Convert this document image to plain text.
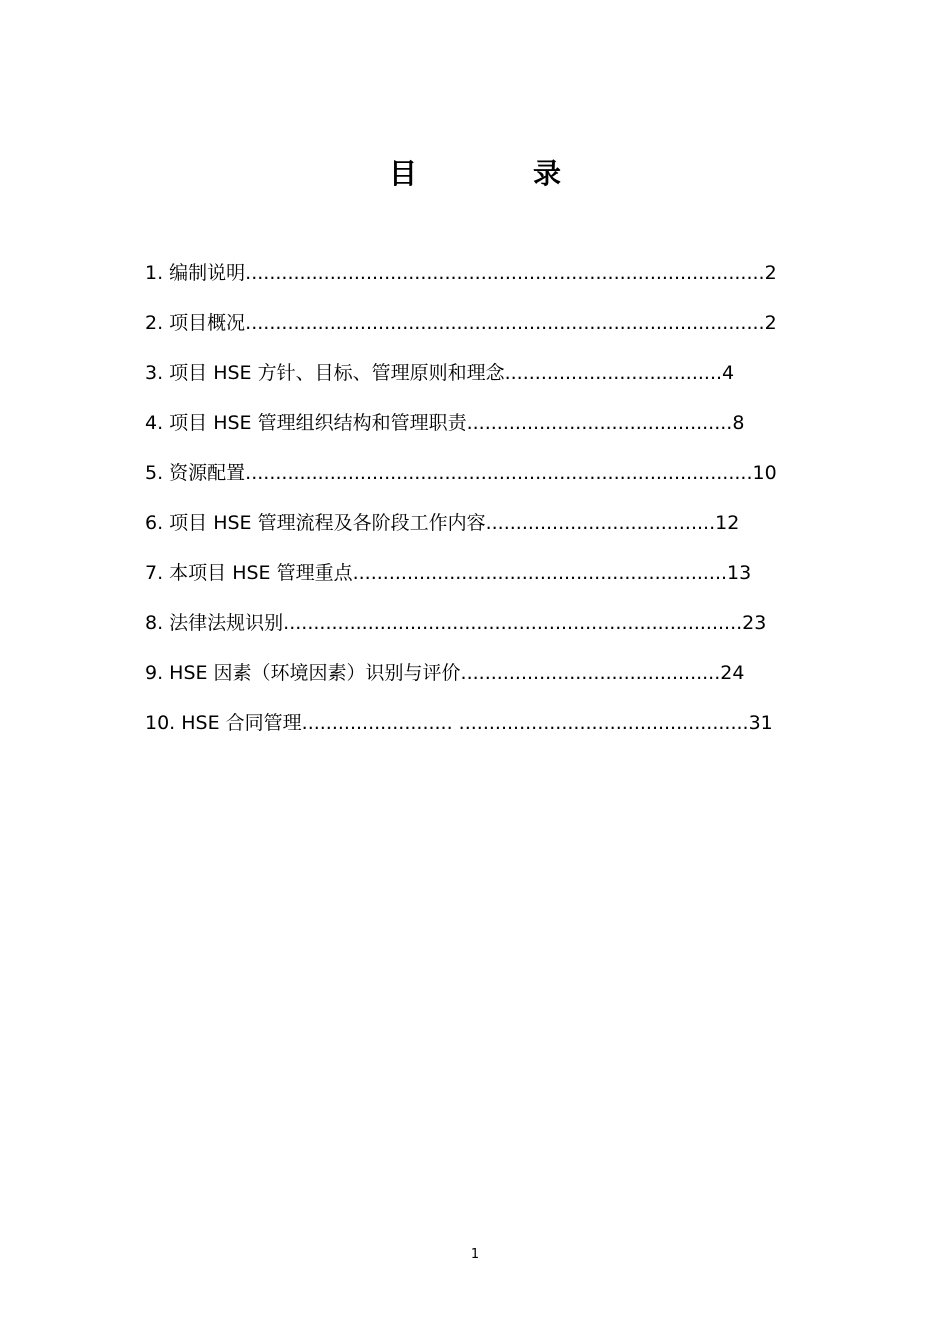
目　录
1. 编制说明......................................................................................2
2. 项目概况......................................................................................2
3. 项目 HSE 方针、目标、管理原则和理念....................................4
4. 项目 HSE 管理组织结构和管理职责............................................8
5. 资源配置....................................................................................10
6. 项目 HSE 管理流程及各阶段工作内容......................................12
7. 本项目 HSE 管理重点..............................................................13
8. 法律法规识别............................................................................23
9. HSE 因素（环境因素）识别与评价...........................................24
10. HSE 合同管理......................... ................................................31
1
